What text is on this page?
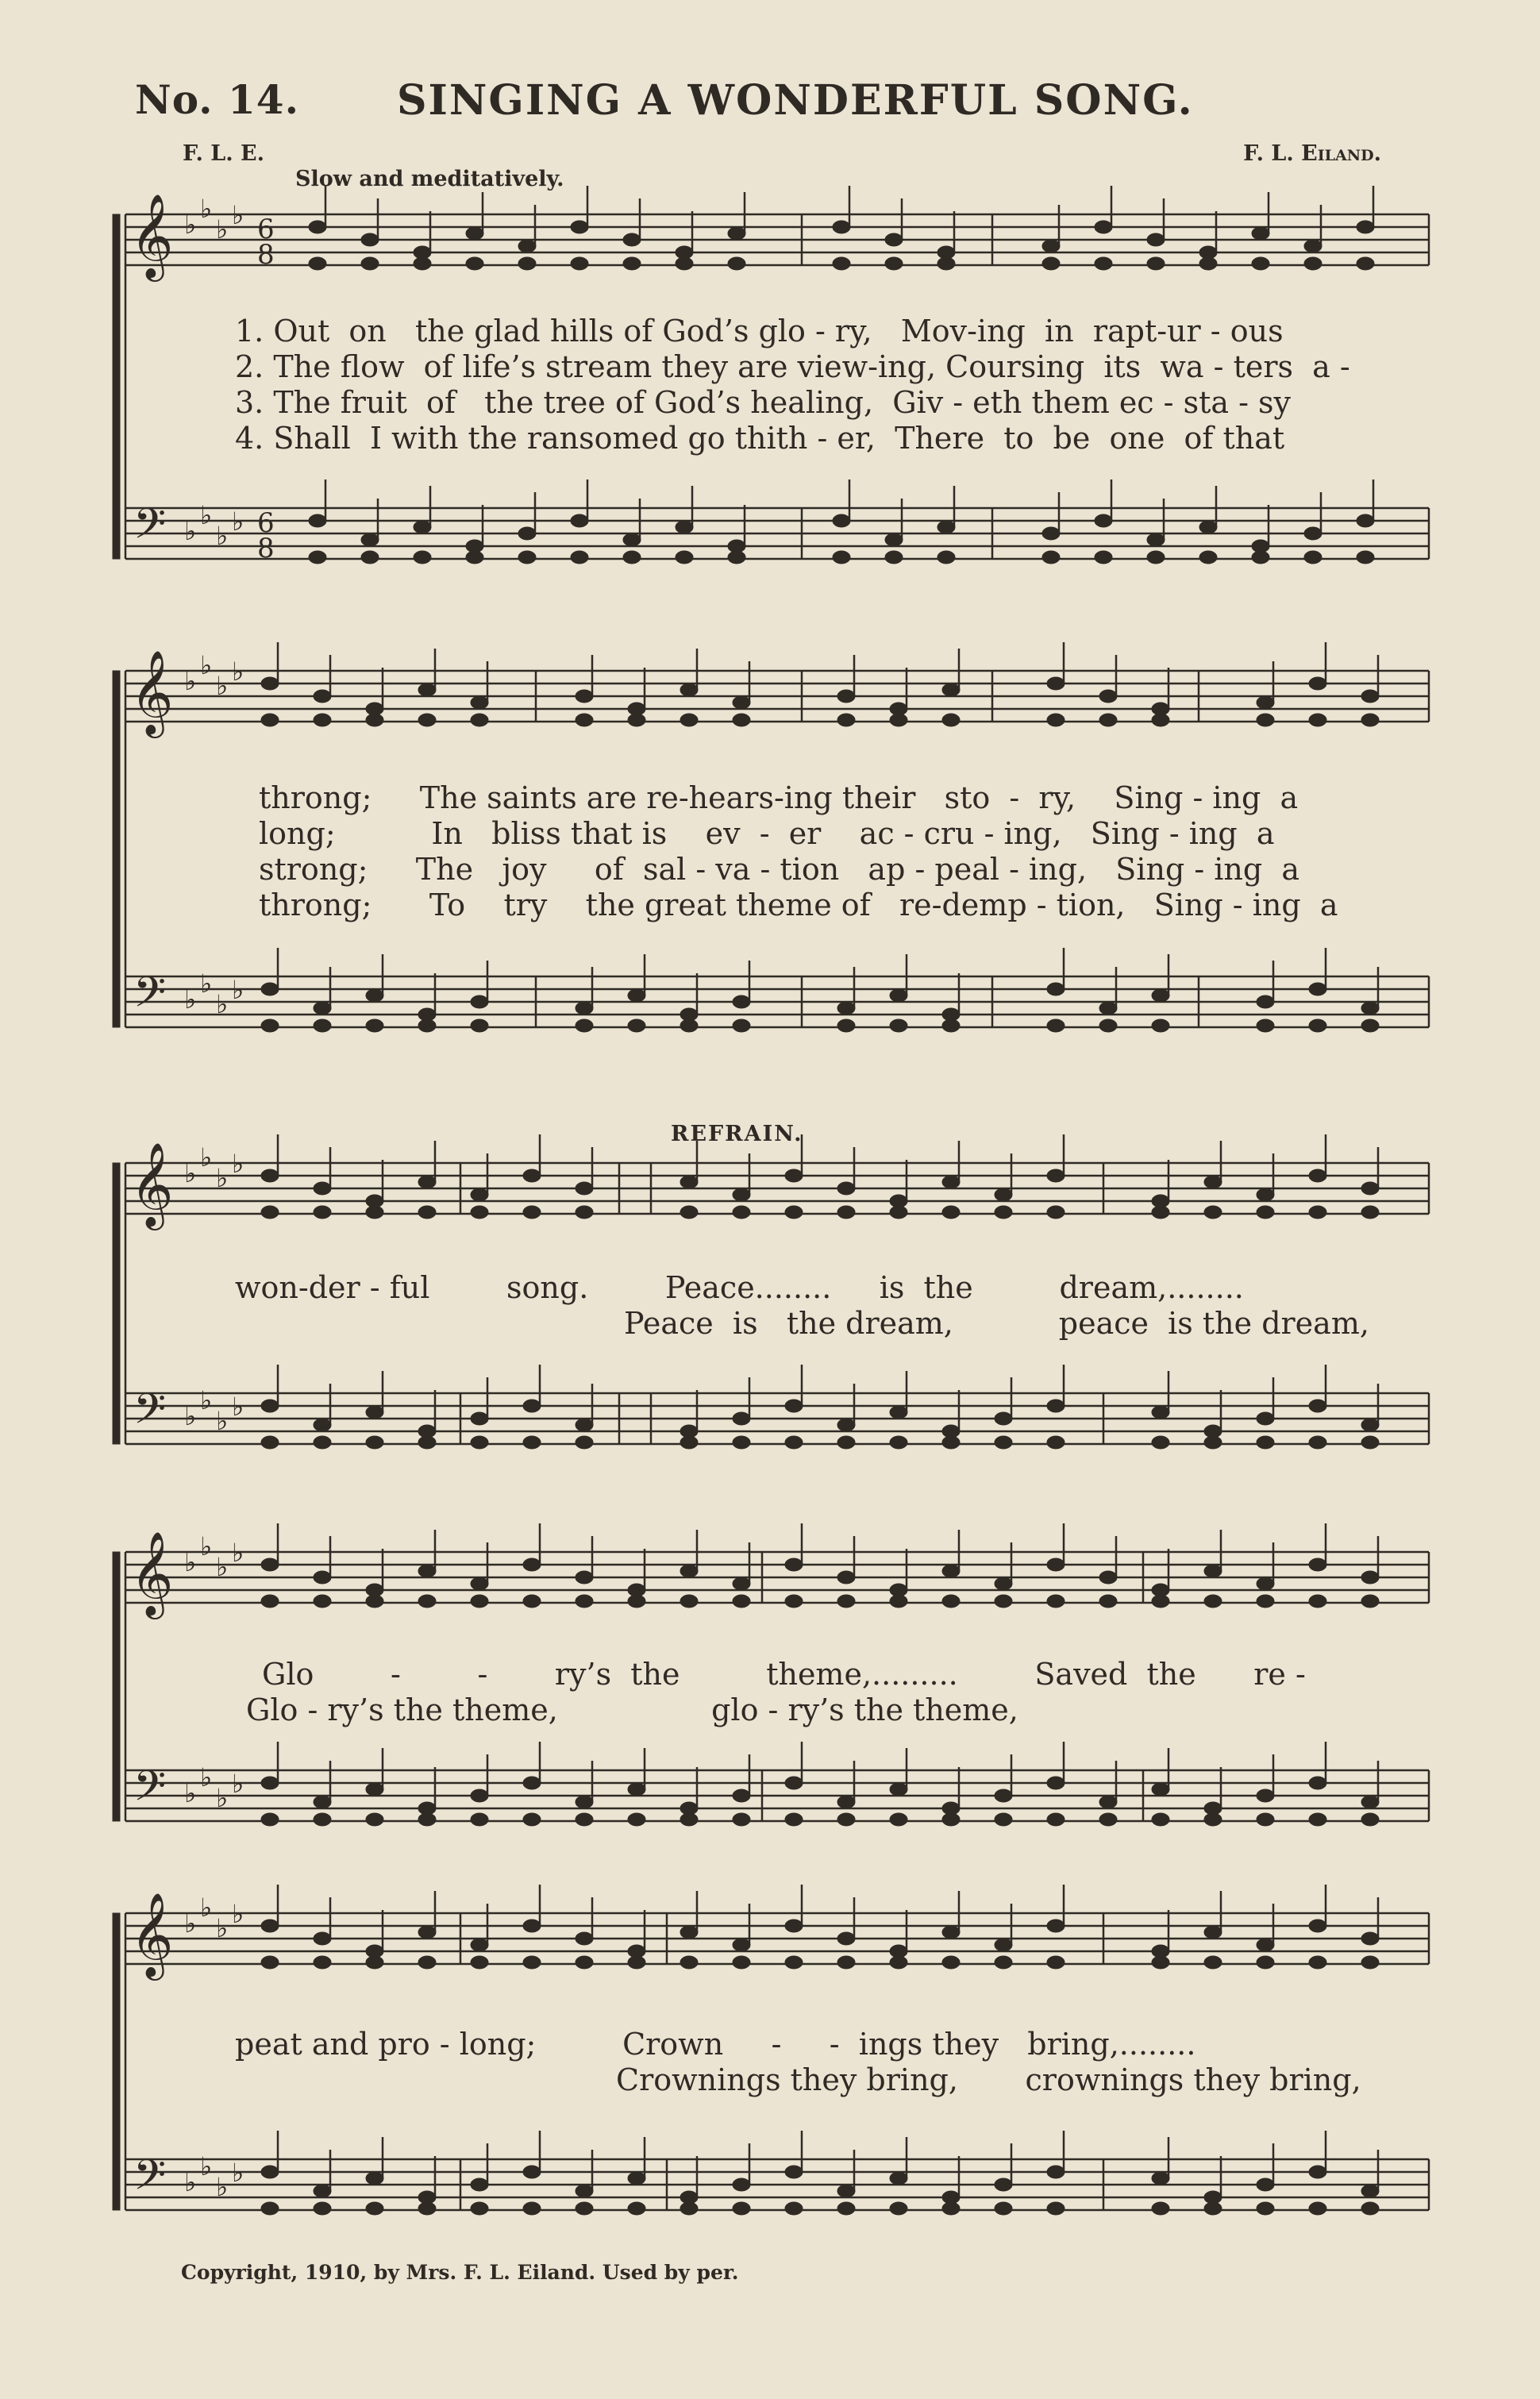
No. 14. SINGING A WONDERFUL SONG.
F. L. E.	F. L. Eiland.
Slow and meditatively.
𝄞
𝄢
♭
♭
♭ ♭
♭
♭
♭ ♭
6
8
6
8
𝄞
𝄢
♭
♭
♭ ♭
♭
♭
♭ ♭
𝄞
𝄢
♭
♭
♭ ♭
♭
♭
♭ ♭
𝄞
𝄢
♭
♭
♭ ♭
♭
♭
♭ ♭
𝄞
𝄢
♭
♭
♭ ♭
♭
♭
♭ ♭
1. Out  on   the glad hills of God’s glo - ry,   Mov-ing  in  rapt-ur - ous
2. The flow  of life’s stream they are view-ing, Coursing  its  wa - ters  a -
3. The fruit  of   the tree of God’s healing,  Giv - eth them ec - sta - sy
4. Shall  I with the ransomed go thith - er,  There  to  be  one  of that
throng;     The saints are re-hears-ing their   sto  -  ry,    Sing - ing  a
long;          In   bliss that is    ev  -  er    ac - cru - ing,   Sing - ing  a
strong;     The   joy     of  sal - va - tion   ap - peal - ing,   Sing - ing  a
throng;      To    try    the great theme of   re-demp - tion,   Sing - ing  a
REFRAIN.
won-der - ful        song.        Peace........     is  the         dream,........
Peace  is   the dream,           peace  is the dream,
Glo        -        -       ry’s  the         theme,.........        Saved  the      re -
Glo - ry’s the theme,                glo - ry’s the theme,
peat and pro - long;         Crown     -     -  ings they   bring,........
Crownings they bring,       crownings they bring,
Copyright, 1910, by Mrs. F. L. Eiland. Used by per.
